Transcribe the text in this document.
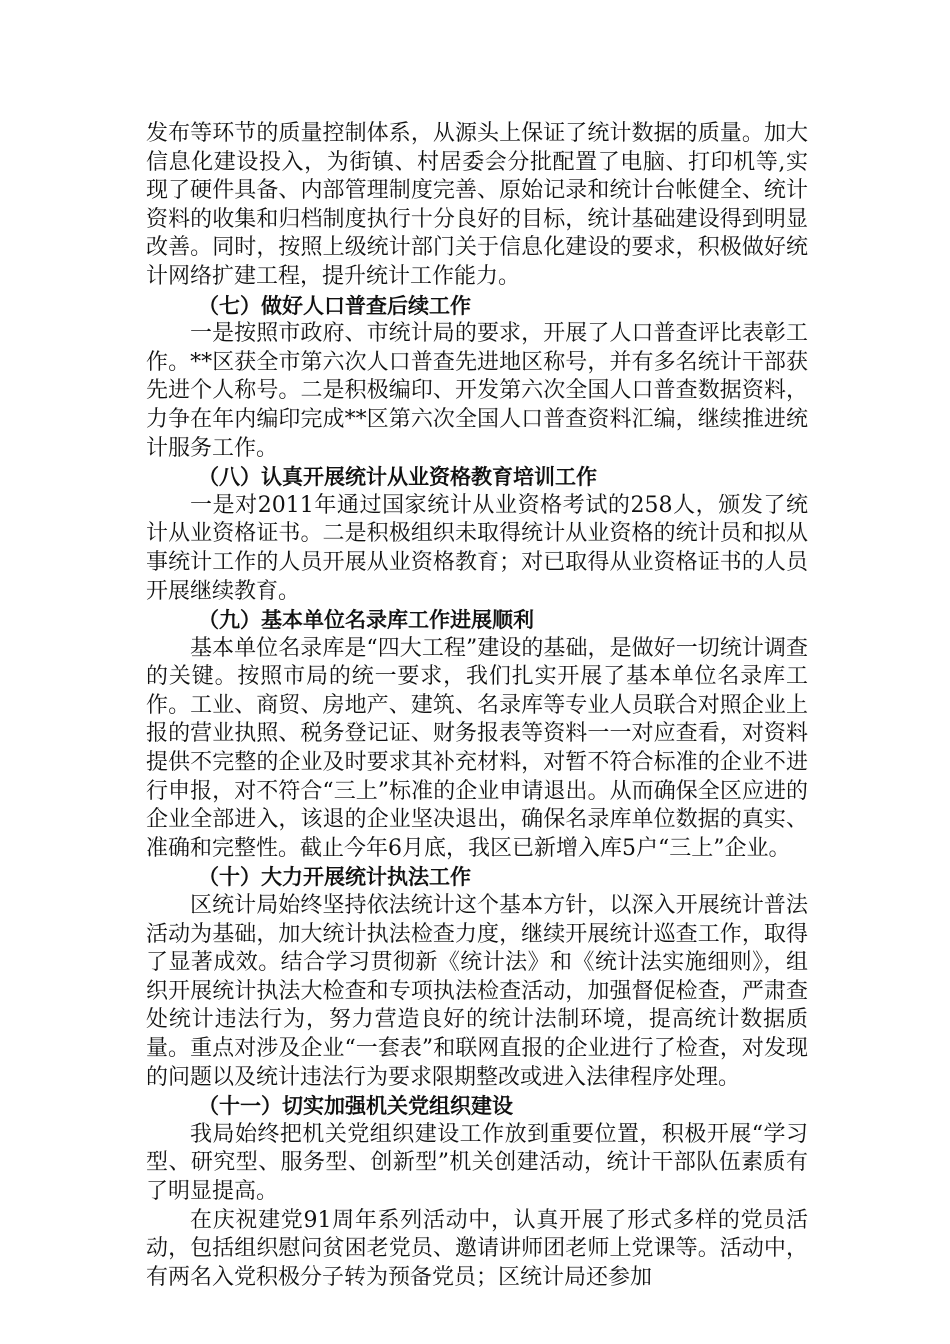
发布等环节的质量控制体系，从源头上保证了统计数据的质量。加大信息化建设投入，为街镇、村居委会分批配置了电脑、打印机等,实现了硬件具备、内部管理制度完善、原始记录和统计台帐健全、统计资料的收集和归档制度执行十分良好的目标，统计基础建设得到明显改善。同时，按照上级统计部门关于信息化建设的要求，积极做好统计网络扩建工程，提升统计工作能力。

（七）做好人口普查后续工作

一是按照市政府、市统计局的要求，开展了人口普查评比表彰工作。**区获全市第六次人口普查先进地区称号，并有多名统计干部获先进个人称号。二是积极编印、开发第六次全国人口普查数据资料，力争在年内编印完成**区第六次全国人口普查资料汇编，继续推进统计服务工作。

（八）认真开展统计从业资格教育培训工作

一是对2011年通过国家统计从业资格考试的258人，颁发了统计从业资格证书。二是积极组织未取得统计从业资格的统计员和拟从事统计工作的人员开展从业资格教育；对已取得从业资格证书的人员开展继续教育。

（九）基本单位名录库工作进展顺利

基本单位名录库是“四大工程”建设的基础，是做好一切统计调查的关键。按照市局的统一要求，我们扎实开展了基本单位名录库工作。工业、商贸、房地产、建筑、名录库等专业人员联合对照企业上报的营业执照、税务登记证、财务报表等资料一一对应查看，对资料提供不完整的企业及时要求其补充材料，对暂不符合标准的企业不进行申报，对不符合“三上”标准的企业申请退出。从而确保全区应进的企业全部进入，该退的企业坚决退出，确保名录库单位数据的真实、准确和完整性。截止今年6月底，我区已新增入库5户“三上”企业。

（十）大力开展统计执法工作

区统计局始终坚持依法统计这个基本方针，以深入开展统计普法活动为基础，加大统计执法检查力度，继续开展统计巡查工作，取得了显著成效。结合学习贯彻新《统计法》和《统计法实施细则》，组织开展统计执法大检查和专项执法检查活动，加强督促检查，严肃查处统计违法行为，努力营造良好的统计法制环境，提高统计数据质量。重点对涉及企业“一套表”和联网直报的企业进行了检查，对发现的问题以及统计违法行为要求限期整改或进入法律程序处理。

（十一）切实加强机关党组织建设

我局始终把机关党组织建设工作放到重要位置，积极开展“学习型、研究型、服务型、创新型”机关创建活动，统计干部队伍素质有了明显提高。

在庆祝建党91周年系列活动中，认真开展了形式多样的党员活动，包括组织慰问贫困老党员、邀请讲师团老师上党课等。活动中，有两名入党积极分子转为预备党员；区统计局还参加
